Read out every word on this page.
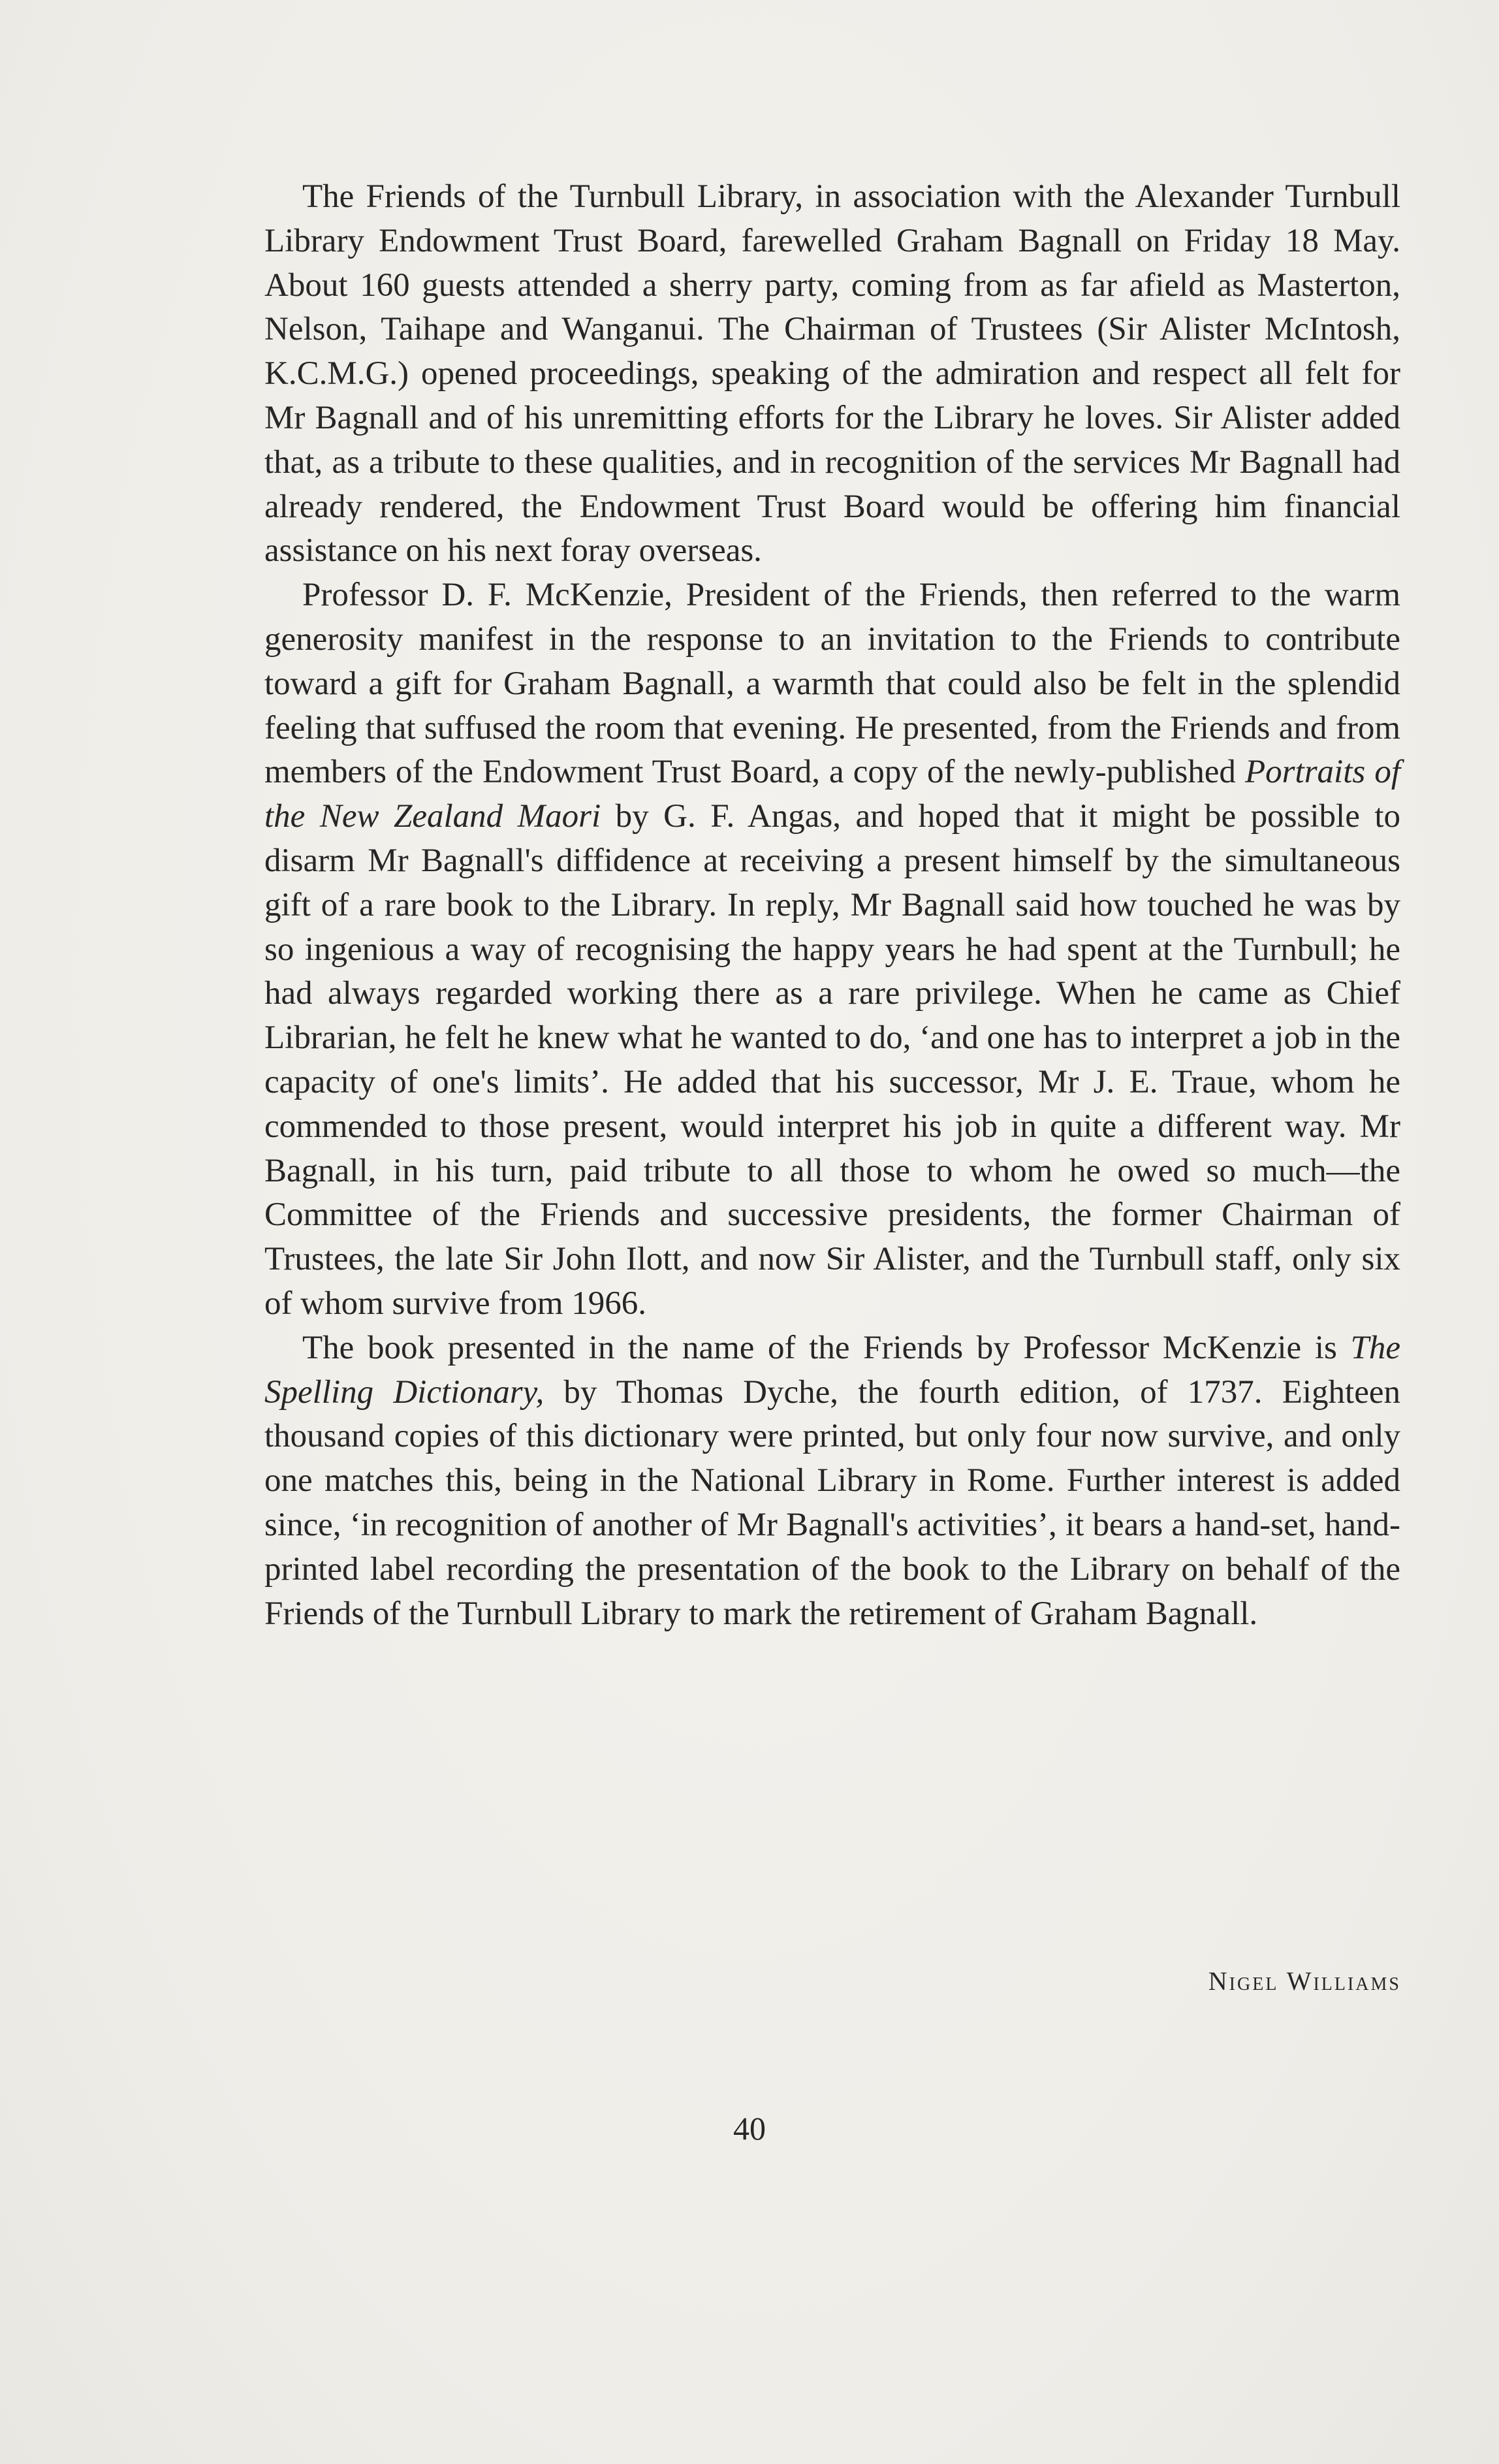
The Friends of the Turnbull Library, in association with the Alexander Turnbull Library Endowment Trust Board, farewelled Graham Bagnall on Friday 18 May. About 160 guests attended a sherry party, coming from as far afield as Masterton, Nelson, Taihape and Wanganui. The Chairman of Trustees (Sir Alister McIntosh, K.C.M.G.) opened proceedings, speaking of the admiration and respect all felt for Mr Bagnall and of his unremitting efforts for the Library he loves. Sir Alister added that, as a tribute to these qualities, and in recognition of the services Mr Bagnall had already rendered, the Endowment Trust Board would be offering him financial assistance on his next foray overseas.

Professor D. F. McKenzie, President of the Friends, then referred to the warm generosity manifest in the response to an invitation to the Friends to contribute toward a gift for Graham Bagnall, a warmth that could also be felt in the splendid feeling that suffused the room that evening. He presented, from the Friends and from members of the Endowment Trust Board, a copy of the newly-published Portraits of the New Zealand Maori by G. F. Angas, and hoped that it might be possible to disarm Mr Bagnall's diffidence at receiving a present himself by the simultaneous gift of a rare book to the Library. In reply, Mr Bagnall said how touched he was by so ingenious a way of recognising the happy years he had spent at the Turnbull; he had always regarded working there as a rare privilege. When he came as Chief Librarian, he felt he knew what he wanted to do, ‘and one has to interpret a job in the capacity of one's limits’. He added that his successor, Mr J. E. Traue, whom he commended to those present, would interpret his job in quite a different way. Mr Bagnall, in his turn, paid tribute to all those to whom he owed so much—the Committee of the Friends and successive presidents, the former Chairman of Trustees, the late Sir John Ilott, and now Sir Alister, and the Turnbull staff, only six of whom survive from 1966.

The book presented in the name of the Friends by Professor McKenzie is The Spelling Dictionary, by Thomas Dyche, the fourth edition, of 1737. Eighteen thousand copies of this dictionary were printed, but only four now survive, and only one matches this, being in the National Library in Rome. Further interest is added since, ‘in recognition of another of Mr Bagnall's activities’, it bears a hand-set, hand-printed label recording the presentation of the book to the Library on behalf of the Friends of the Turnbull Library to mark the retirement of Graham Bagnall.

Nigel Williams
40
